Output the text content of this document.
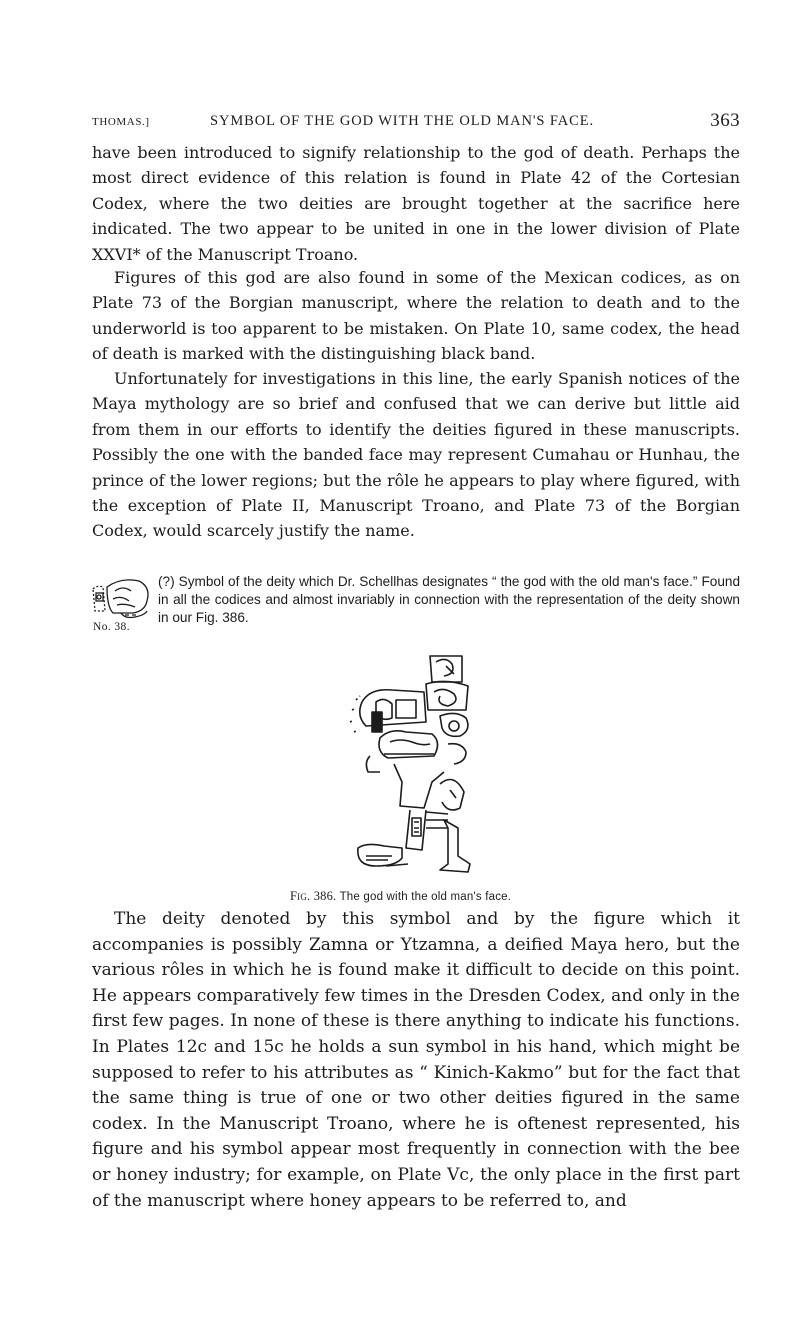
THOMAS.]	SYMBOL OF THE GOD WITH THE OLD MAN'S FACE.	363

have been introduced to signify relationship to the god of death. Perhaps the most direct evidence of this relation is found in Plate 42 of the Cortesian Codex, where the two deities are brought together at the sacrifice here indicated. The two appear to be united in one in the lower division of Plate XXVI* of the Manuscript Troano.

Figures of this god are also found in some of the Mexican codices, as on Plate 73 of the Borgian manuscript, where the relation to death and to the underworld is too apparent to be mistaken. On Plate 10, same codex, the head of death is marked with the distinguishing black band.

Unfortunately for investigations in this line, the early Spanish notices of the Maya mythology are so brief and confused that we can derive but little aid from them in our efforts to identify the deities figured in these manuscripts. Possibly the one with the banded face may represent Cumahau or Hunhau, the prince of the lower regions; but the rôle he appears to play where figured, with the exception of Plate II, Manuscript Troano, and Plate 73 of the Borgian Codex, would scarcely justify the name.

No. 38.

(?) Symbol of the deity which Dr. Schellhas designates “ the god with the old man's face.” Found in all the codices and almost invariably in connection with the representation of the deity shown in our Fig. 386.

Fig. 386. The god with the old man's face.

The deity denoted by this symbol and by the figure which it accompanies is possibly Zamna or Ytzamna, a deified Maya hero, but the various rôles in which he is found make it difficult to decide on this point. He appears comparatively few times in the Dresden Codex, and only in the first few pages. In none of these is there anything to indicate his functions. In Plates 12c and 15c he holds a sun symbol in his hand, which might be supposed to refer to his attributes as “ Kinich-Kakmo” but for the fact that the same thing is true of one or two other deities figured in the same codex. In the Manuscript Troano, where he is oftenest represented, his figure and his symbol appear most frequently in connection with the bee or honey industry; for example, on Plate Vc, the only place in the first part of the manuscript where honey appears to be referred to, and
